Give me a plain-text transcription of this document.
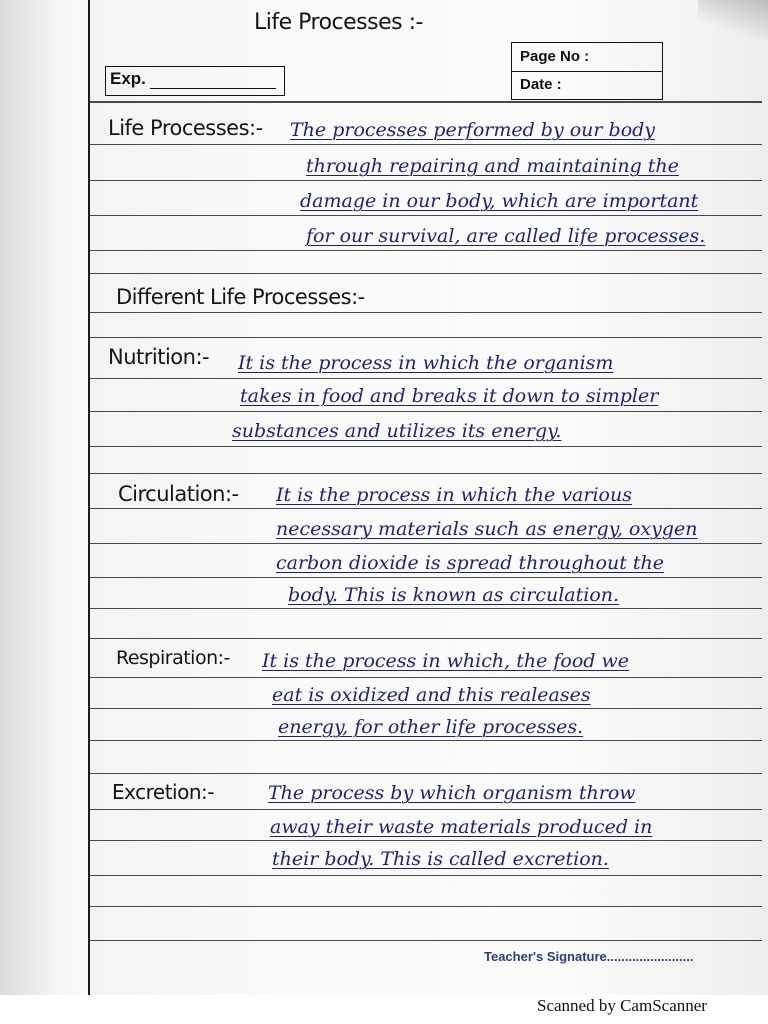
Life Processes :-
Exp.
Page No :
Date :
Life Processes:- The processes performed by our body
through repairing and maintaining the
damage in our body, which are important
for our survival, are called life processes.
Different Life Processes:-
Nutrition:- It is the process in which the organism
takes in food and breaks it down to simpler
substances and utilizes its energy.
Circulation:- It is the process in which the various
necessary materials such as energy, oxygen
carbon dioxide is spread throughout the
body. This is known as circulation.
Respiration:- It is the process in which, the food we
eat is oxidized and this realeases
energy, for other life processes.
Excretion:-	The process by which organism throw
away their waste materials produced in
their body. This is called excretion.
Teacher's Signature........................
Scanned by CamScanner
